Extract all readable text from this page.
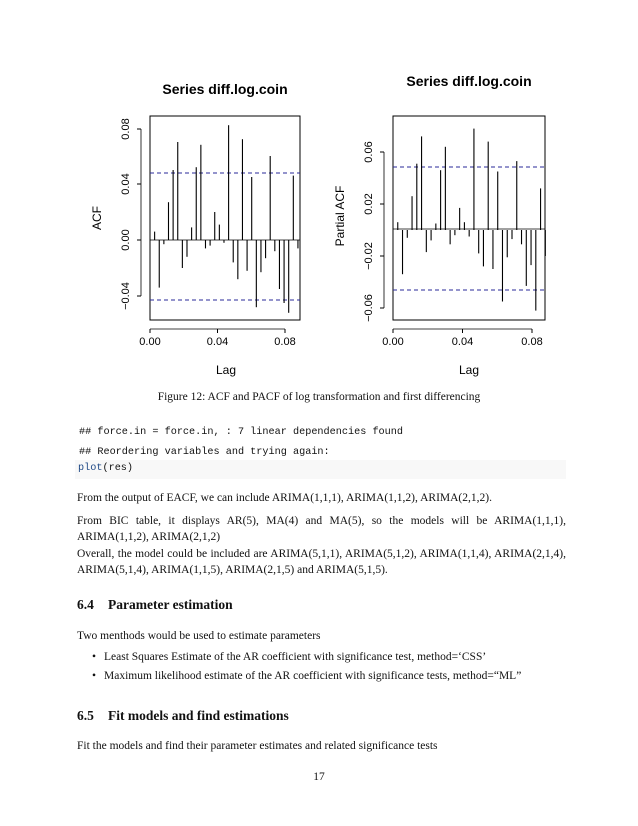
Series diff.log.coin
−0.04
0.00
0.04
0.08
ACF
0.00	0.04	0.08
Lag
Series diff.log.coin
−0.06
−0.02
0.02
0.06
Partial ACF
0.00	0.04	0.08
Lag
Figure 12: ACF and PACF of log transformation and first differencing
## force.in = force.in, : 7 linear dependencies found
## Reordering variables and trying again:
plot(res)
From the output of EACF, we can include ARIMA(1,1,1), ARIMA(1,1,2), ARIMA(2,1,2).
From BIC table, it displays AR(5), MA(4) and MA(5), so the models will be ARIMA(1,1,1), ARIMA(1,1,2), ARIMA(2,1,2)
Overall, the model could be included are ARIMA(5,1,1), ARIMA(5,1,2), ARIMA(1,1,4), ARIMA(2,1,4), ARIMA(5,1,4), ARIMA(1,1,5), ARIMA(2,1,5) and ARIMA(5,1,5).
6.4 Parameter estimation
Two menthods would be used to estimate parameters
• Least Squares Estimate of the AR coefficient with significance test, method=‘CSS’
• Maximum likelihood estimate of the AR coefficient with significance tests, method=“ML”
6.5 Fit models and find estimations
Fit the models and find their parameter estimates and related significance tests
17
